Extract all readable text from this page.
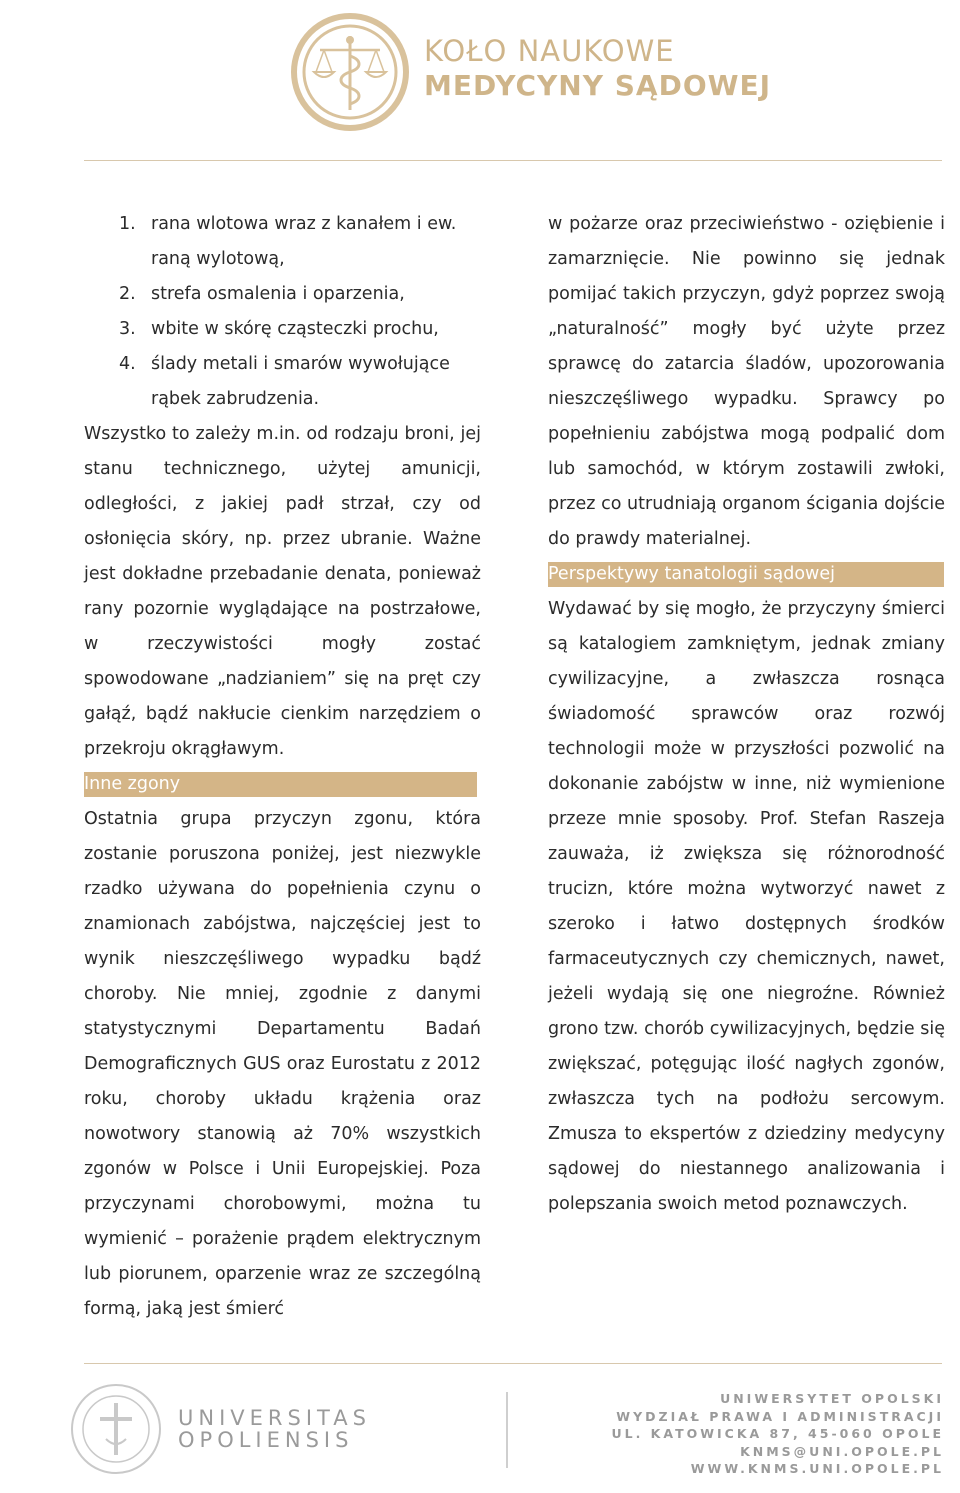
KOŁO NAUKOWE
MEDYCYNY SĄDOWEJ
1. rana wlotowa wraz z kanałem i ew. raną wylotową,
2. strefa osmalenia i oparzenia,
3. wbite w skórę cząsteczki prochu,
4. ślady metali i smarów wywołujące rąbek zabrudzenia.

Wszystko to zależy m.in. od rodzaju broni, jej stanu technicznego, użytej amunicji, odległości, z jakiej padł strzał, czy od osłonięcia skóry, np. przez ubranie. Ważne jest dokładne przebadanie denata, ponieważ rany pozornie wyglądające na postrzałowe, w rzeczywistości mogły zostać spowodowane „nadzianiem” się na pręt czy gałąź, bądź nakłucie cienkim narzędziem o przekroju okrągławym.

Inne zgony

Ostatnia grupa przyczyn zgonu, która zostanie poruszona poniżej, jest niezwykle rzadko używana do popełnienia czynu o znamionach zabójstwa, najczęściej jest to wynik nieszczęśliwego wypadku bądź choroby. Nie mniej, zgodnie z danymi statystycznymi Departamentu Badań Demograficznych GUS oraz Eurostatu z 2012 roku, choroby układu krążenia oraz nowotwory stanowią aż 70% wszystkich zgonów w Polsce i Unii Europejskiej. Poza przyczynami chorobowymi, można tu wymienić – porażenie prądem elektrycznym lub piorunem, oparzenie wraz ze szczególną formą, jaką jest śmierć

w pożarze oraz przeciwieństwo - oziębienie i zamarznięcie. Nie powinno się jednak pomijać takich przyczyn, gdyż poprzez swoją „naturalność” mogły być użyte przez sprawcę do zatarcia śladów, upozorowania nieszczęśliwego wypadku. Sprawcy po popełnieniu zabójstwa mogą podpalić dom lub samochód, w którym zostawili zwłoki, przez co utrudniają organom ścigania dojście do prawdy materialnej.

Perspektywy tanatologii sądowej

Wydawać by się mogło, że przyczyny śmierci są katalogiem zamkniętym, jednak zmiany cywilizacyjne, a zwłaszcza rosnąca świadomość sprawców oraz rozwój technologii może w przyszłości pozwolić na dokonanie zabójstw w inne, niż wymienione przeze mnie sposoby. Prof. Stefan Raszeja zauważa, iż zwiększa się różnorodność trucizn, które można wytworzyć nawet z szeroko i łatwo dostępnych środków farmaceutycznych czy chemicznych, nawet, jeżeli wydają się one niegroźne. Również grono tzw. chorób cywilizacyjnych, będzie się zwiększać, potęgując ilość nagłych zgonów, zwłaszcza tych na podłożu sercowym. Zmusza to ekspertów z dziedziny medycyny sądowej do niestannego analizowania i polepszania swoich metod poznawczych.

UNIVERSITAS
OPOLIENSIS
UNIWERSYTET OPOLSKI
WYDZIAŁ PRAWA I ADMINISTRACJI
UL. KATOWICKA 87, 45-060 OPOLE
KNMS@UNI.OPOLE.PL
WWW.KNMS.UNI.OPOLE.PL
